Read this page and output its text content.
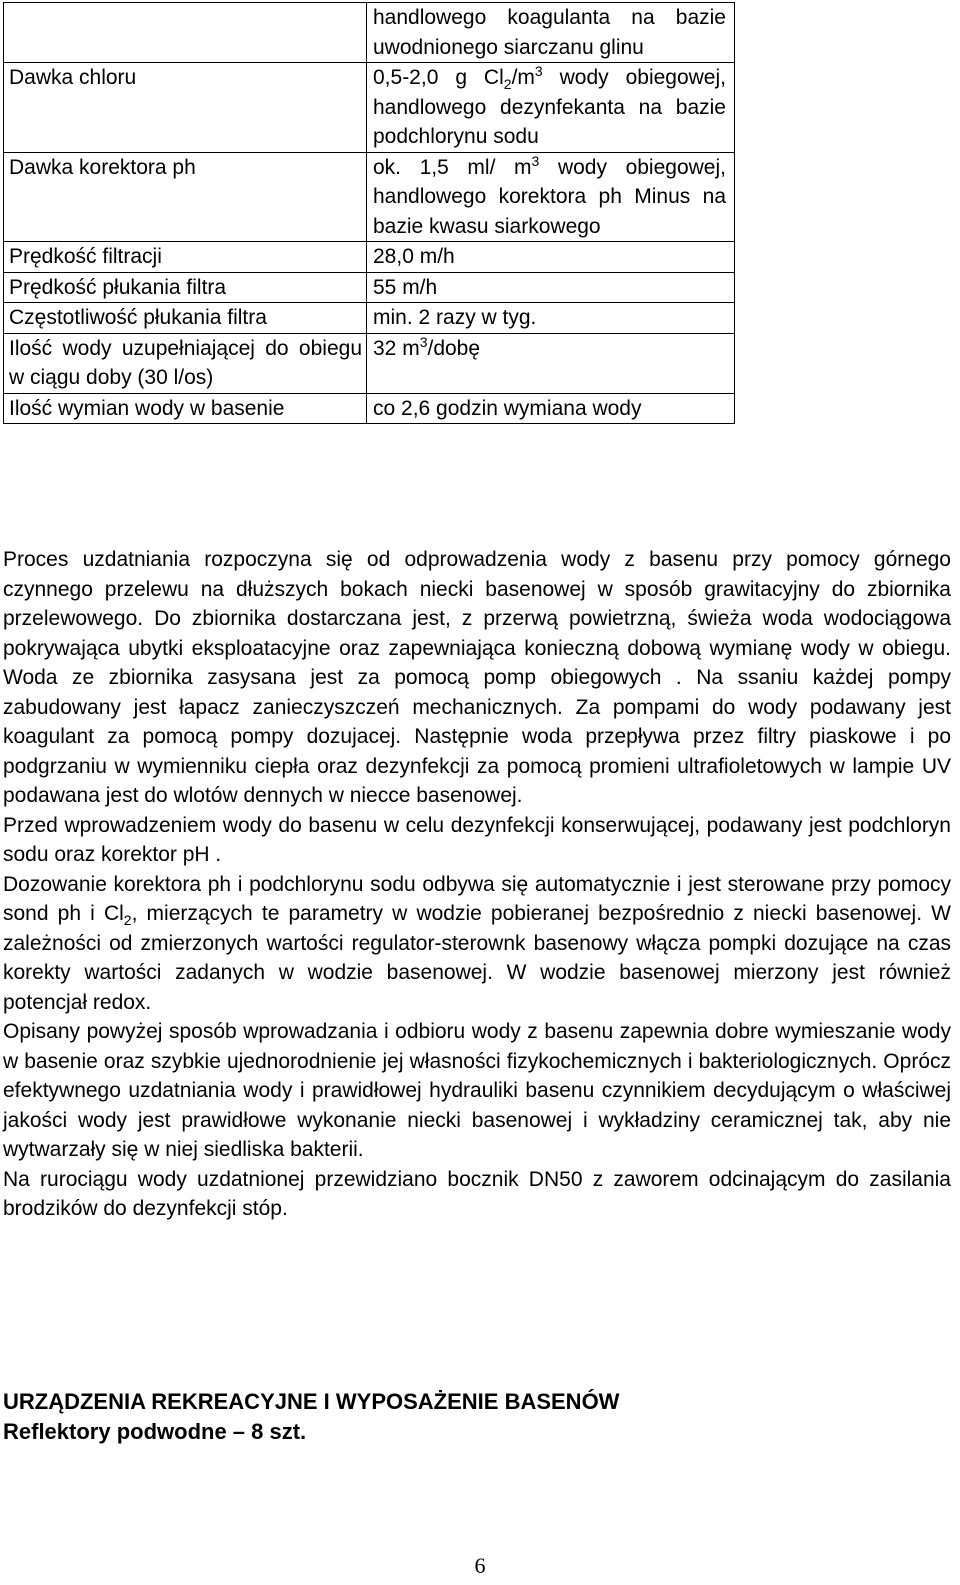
	handlowego koagulanta na bazie uwodnionego siarczanu glinu
Dawka chloru	0,5-2,0 g $Cl_2/m^3$ wody obiegowej, handlowego dezynfekanta na bazie podchlorynu sodu
Dawka korektora ph	ok. 1,5 ml/ $m^3$ wody obiegowej, handlowego korektora ph Minus na bazie kwasu siarkowego
Prędkość filtracji	28,0 m/h
Prędkość płukania filtra	55 m/h
Częstotliwość płukania filtra	min. 2 razy w tyg.
Ilość wody uzupełniającej do obiegu w ciągu doby (30 l/os)	32 $m^3$/dobę
Ilość wymian wody w basenie	co 2,6 godzin wymiana wody

Proces uzdatniania rozpoczyna się od odprowadzenia wody z basenu przy pomocy górnego czynnego przelewu na dłuższych bokach niecki basenowej w sposób grawitacyjny do zbiornika przelewowego. Do zbiornika dostarczana jest, z przerwą powietrzną, świeża woda wodociągowa pokrywająca ubytki eksploatacyjne oraz zapewniająca konieczną dobową wymianę wody w obiegu. Woda ze zbiornika zasysana jest za pomocą pomp obiegowych . Na ssaniu każdej pompy zabudowany jest łapacz zanieczyszczeń mechanicznych. Za pompami do wody podawany jest koagulant za pomocą pompy dozujacej. Następnie woda przepływa przez filtry piaskowe i po podgrzaniu w wymienniku ciepła oraz dezynfekcji za pomocą promieni ultrafioletowych w lampie UV podawana jest do wlotów dennych w niecce basenowej.

Przed wprowadzeniem wody do basenu w celu dezynfekcji konserwującej, podawany jest podchloryn sodu oraz korektor pH .

Dozowanie korektora ph i podchlorynu sodu odbywa się automatycznie i jest sterowane przy pomocy sond ph i $Cl_2$, mierzących te parametry w wodzie pobieranej bezpośrednio z niecki basenowej. W zależności od zmierzonych wartości regulator-sterownk basenowy włącza pompki dozujące na czas korekty wartości zadanych w wodzie basenowej. W wodzie basenowej mierzony jest również potencjał redox.

Opisany powyżej sposób wprowadzania i odbioru wody z basenu zapewnia dobre wymieszanie wody w basenie oraz szybkie ujednorodnienie jej własności fizykochemicznych i bakteriologicznych. Oprócz efektywnego uzdatniania wody i prawidłowej hydrauliki basenu czynnikiem decydującym o właściwej jakości wody jest prawidłowe wykonanie niecki basenowej i wykładziny ceramicznej tak, aby nie wytwarzały się w niej siedliska bakterii.

Na rurociągu wody uzdatnionej przewidziano bocznik DN50 z zaworem odcinającym do zasilania brodzików do dezynfekcji stóp.

URZĄDZENIA REKREACYJNE I WYPOSAŻENIE BASENÓW
Reflektory podwodne – 8 szt.
6
